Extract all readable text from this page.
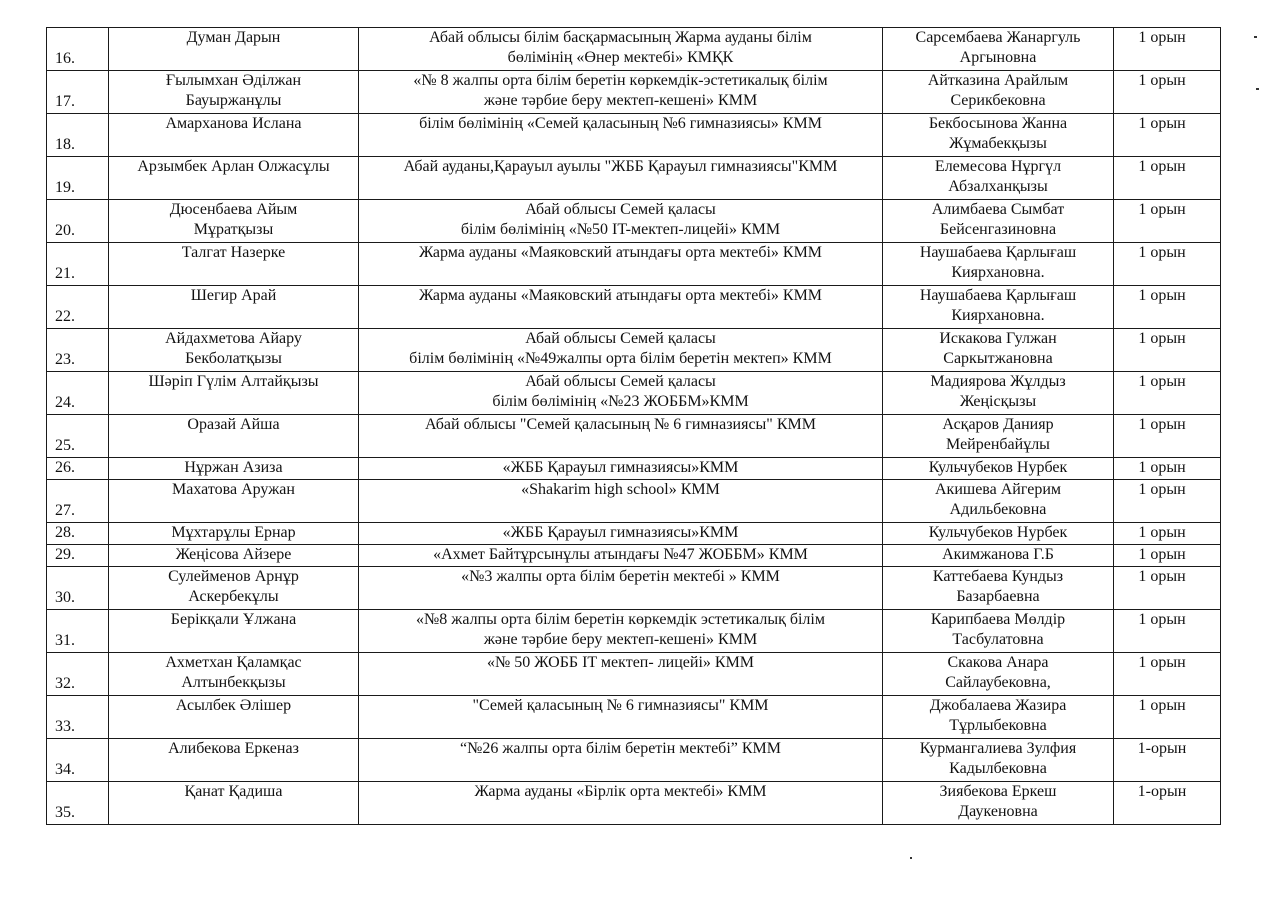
16.	Думан Дарын	Абай облысы білім басқармасының Жарма ауданы білім
бөлімінің «Өнер мектебі» КМҚК	Сарсембаева Жанаргуль
Аргыновна	1 орын

17.	Ғылымхан Әділжан
Бауыржанұлы	«№ 8 жалпы орта білім беретін көркемдік-эстетикалық білім
және тәрбие беру мектеп-кешені» КММ	Айтказина Арайлым
Серикбековна	1 орын

18.	Амарханова Ислана	білім бөлімінің «Семей қаласының №6 гимназиясы» КММ	Бекбосынова Жанна
Жұмабекқызы	1 орын

19.	Арзымбек Арлан Олжасұлы	Абай ауданы,Қарауыл ауылы "ЖББ Қарауыл гимназиясы"КММ	Елемесова Нұргүл
Абзалханқызы	1 орын

20.	Дюсенбаева Айым
Мұратқызы	Абай облысы Семей қаласы
білім бөлімінің «№50 IT-мектеп-лицейі» КММ	Алимбаева Сымбат
Бейсенгазиновна	1 орын

21.	Талгат Назерке	Жарма ауданы «Маяковский атындағы орта мектебі» КММ	Наушабаева Қарлығаш
Киярхановна.	1 орын

22.	Шегир Арай	Жарма ауданы «Маяковский атындағы орта мектебі» КММ	Наушабаева Қарлығаш
Киярхановна.	1 орын

23.	Айдахметова Айару
Бекболатқызы	Абай облысы Семей қаласы
білім бөлімінің «№49жалпы орта білім беретін мектеп» КММ	Искакова Гулжан
Саркытжановна	1 орын

24.	Шәріп Гүлім Алтайқызы	Абай облысы Семей қаласы
білім бөлімінің «№23 ЖОББМ»КММ	Мадиярова Жұлдыз
Жеңісқызы	1 орын

25.	Оразай Айша	Абай облысы "Семей қаласының № 6 гимназиясы" КММ	Асқаров Данияр
Мейренбайұлы	1 орын

26.	Нұржан Азиза	«ЖББ Қарауыл гимназиясы»КММ	Кульчубеков Нурбек	1 орын

27.	Махатова Аружан	«Shakarim high school» КММ	Акишева Айгерим
Адильбековна	1 орын

28.	Мұхтарұлы Ернар	«ЖББ Қарауыл гимназиясы»КММ	Кульчубеков Нурбек	1 орын

29.	Жеңісова Айзере	«Ахмет Байтұрсынұлы атындағы №47 ЖОББМ» КММ	Акимжанова Г.Б	1 орын

30.	Сулейменов Арнұр
Аскербекұлы	«№3 жалпы орта білім беретін мектебі » КММ	Каттебаева Кундыз
Базарбаевна	1 орын

31.	Берікқали Ұлжана	«№8 жалпы орта білім беретін көркемдік эстетикалық білім
және тәрбие беру мектеп-кешені» КММ	Карипбаева Мөлдір
Тасбулатовна	1 орын

32.	Ахметхан Қаламқас
Алтынбекқызы	«№ 50 ЖОББ IT мектеп- лицейі» КММ	Скакова Анара
Сайлаубековна,	1 орын

33.	Асылбек Әлішер	"Семей қаласының № 6 гимназиясы" КММ	Джобалаева Жазира
Тұрлыбековна	1 орын

34.	Алибекова Еркеназ	“№26 жалпы орта білім беретін мектебі” КММ	Курмангалиева Зулфия
Кадылбековна	1-орын

35.	Қанат Қадиша	Жарма ауданы «Бірлік орта мектебі» КММ	Зиябекова Еркеш
Даукеновна	1-орын
